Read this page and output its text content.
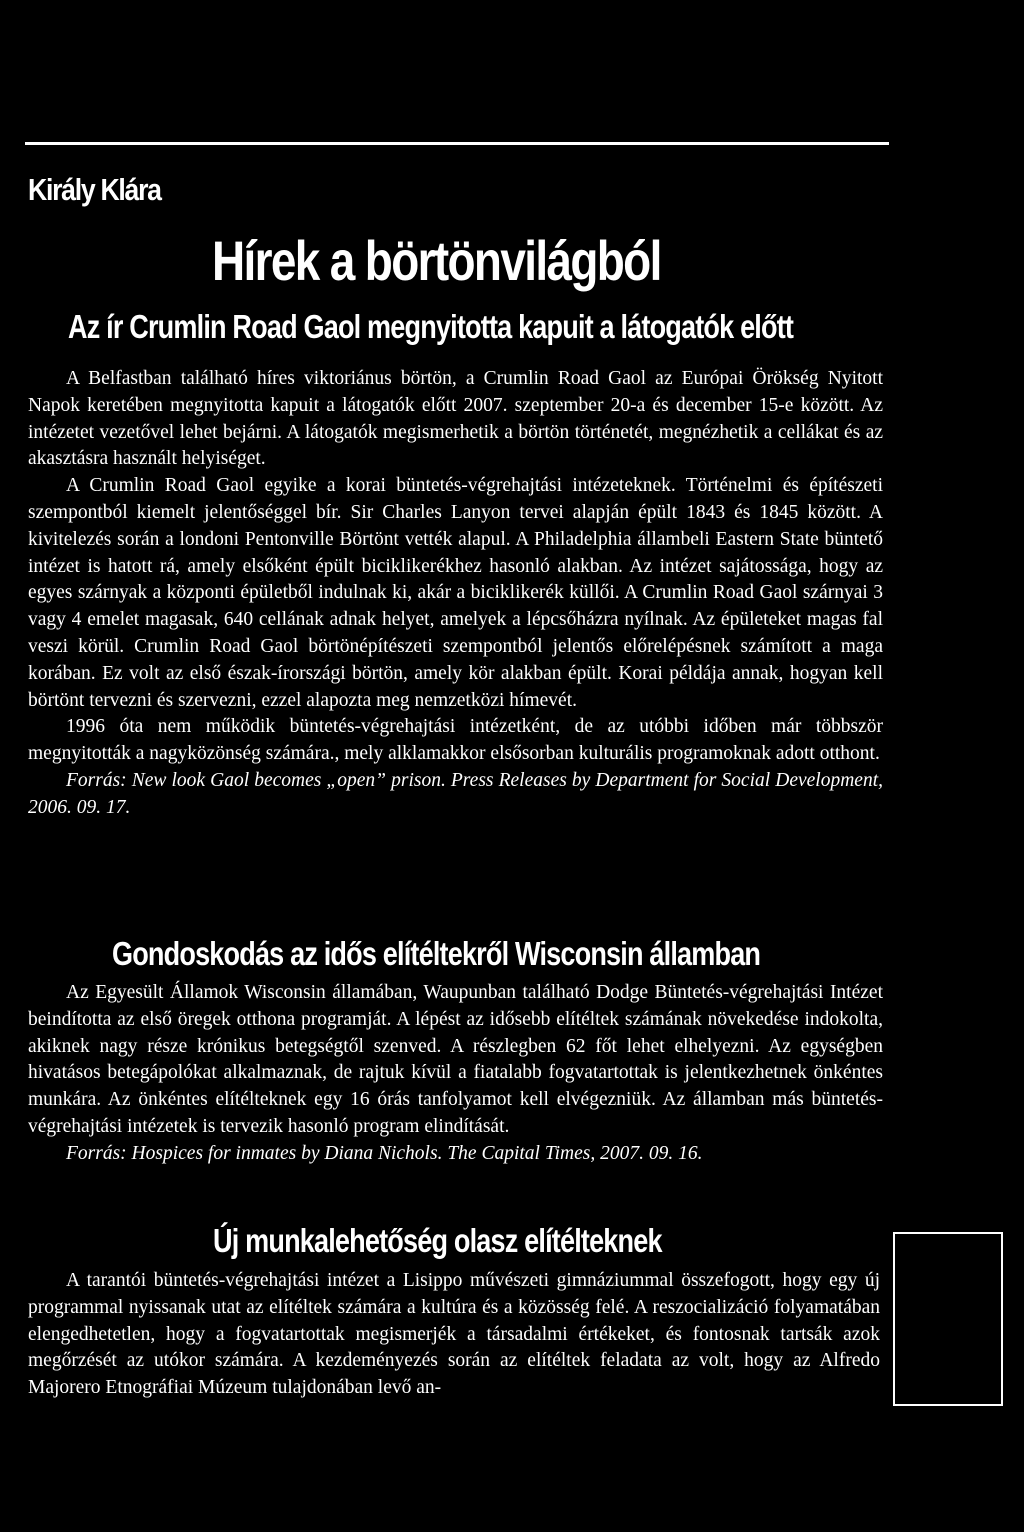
Király Klára
Hírek a börtönvilágból
Az ír Crumlin Road Gaol megnyitotta kapuit a látogatók előtt

A Belfastban található híres viktoriánus börtön, a Crumlin Road Gaol az Európai Örökség Nyitott Napok keretében megnyitotta kapuit a látogatók előtt 2007. szeptember 20-a és december 15-e között. Az intézetet vezetővel lehet bejárni. A látogatók megismerhetik a börtön történetét, megnézhetik a cellákat és az akasztásra használt helyiséget.

A Crumlin Road Gaol egyike a korai büntetés-végrehajtási intézeteknek. Történelmi és építészeti szempontból kiemelt jelentőséggel bír. Sir Charles Lanyon tervei alapján épült 1843 és 1845 között. A kivitelezés során a londoni Pentonville Börtönt vették alapul. A Philadelphia állambeli Eastern State büntető intézet is hatott rá, amely elsőként épült biciklikerékhez hasonló alakban. Az intézet sajátossága, hogy az egyes szárnyak a központi épületből indulnak ki, akár a biciklikerék küllői. A Crumlin Road Gaol szárnyai 3 vagy 4 emelet magasak, 640 cellának adnak helyet, amelyek a lépcsőházra nyílnak. Az épületeket magas fal veszi körül. Crumlin Road Gaol börtönépítészeti szempontból jelentős előrelépésnek számított a maga korában. Ez volt az első észak-írországi börtön, amely kör alakban épült. Korai példája annak, hogyan kell börtönt tervezni és szervezni, ezzel alapozta meg nemzetközi hímevét.

1996 óta nem működik büntetés-végrehajtási intézetként, de az utóbbi időben már többször megnyitották a nagyközönség számára., mely alklamakkor elsősorban kulturális programoknak adott otthont.

Forrás: New look Gaol becomes „open” prison. Press Releases by Department for Social Development, 2006. 09. 17.

Gondoskodás az idős elítéltekről Wisconsin államban

Az Egyesült Államok Wisconsin államában, Waupunban található Dodge Büntetés-végrehajtási Intézet beindította az első öregek otthona programját. A lépést az idősebb elítéltek számának növekedése indokolta, akiknek nagy része krónikus betegségtől szenved. A részlegben 62 főt lehet elhelyezni. Az egységben hivatásos betegápolókat alkalmaznak, de rajtuk kívül a fiatalabb fogvatartottak is jelentkezhetnek önkéntes munkára. Az önkéntes elítélteknek egy 16 órás tanfolyamot kell elvégezniük. Az államban más büntetés-végrehajtási intézetek is tervezik hasonló program elindítását.

Forrás: Hospices for inmates by Diana Nichols. The Capital Times, 2007. 09. 16.

Új munkalehetőség olasz elítélteknek

A tarantói büntetés-végrehajtási intézet a Lisippo művészeti gimnáziummal összefogott, hogy egy új programmal nyissanak utat az elítéltek számára a kultúra és a közösség felé. A reszocializáció folyamatában elengedhetetlen, hogy a fogvatartottak megismerjék a társadalmi értékeket, és fontosnak tartsák azok megőrzését az utókor számára. A kezdeményezés során az elítéltek feladata az volt, hogy az Alfredo Majorero Etnográfiai Múzeum tulajdonában levő an-
